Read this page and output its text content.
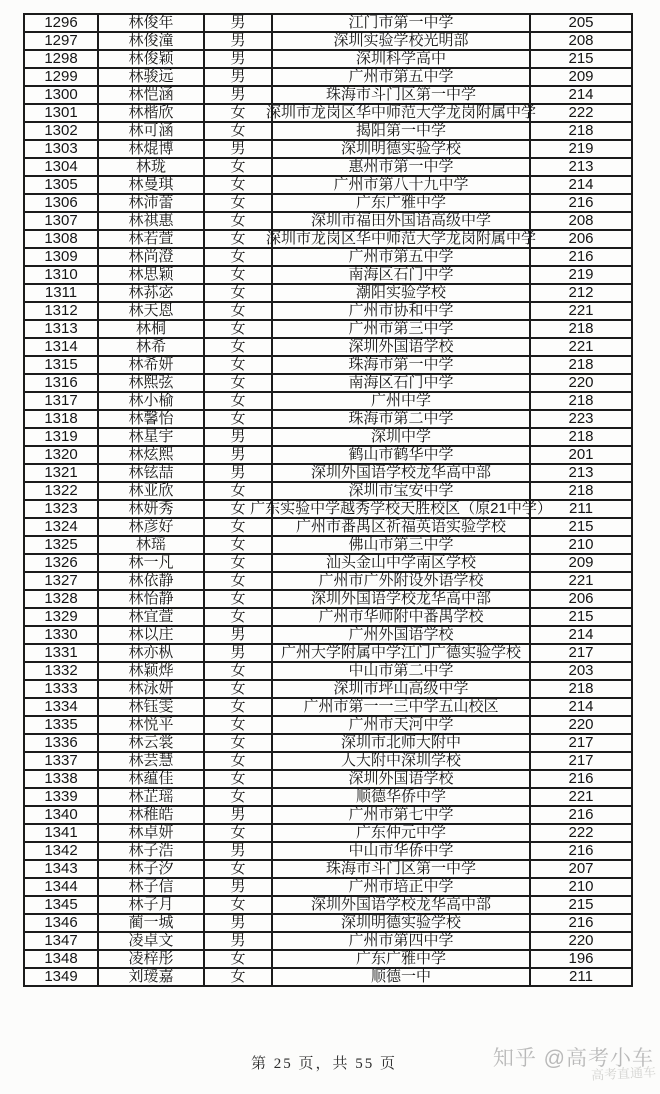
1296	林俊年	男	江门市第一中学	205
1297	林俊潼	男	深圳实验学校光明部	208
1298	林俊颖	男	深圳科学高中	215
1299	林骏远	男	广州市第五中学	209
1300	林恺涵	男	珠海市斗门区第一中学	214
1301	林楷欣	女	深圳市龙岗区华中师范大学龙岗附属中学	222
1302	林可涵	女	揭阳第一中学	218
1303	林焜博	男	深圳明德实验学校	219
1304	林珑	女	惠州市第一中学	213
1305	林曼琪	女	广州市第八十九中学	214
1306	林沛蕾	女	广东广雅中学	216
1307	林祺惠	女	深圳市福田外国语高级中学	208
1308	林若萱	女	深圳市龙岗区华中师范大学龙岗附属中学	206
1309	林尚澄	女	广州市第五中学	216
1310	林思颖	女	南海区石门中学	219
1311	林荪宓	女	潮阳实验学校	212
1312	林天恩	女	广州市协和中学	221
1313	林桐	女	广州市第三中学	218
1314	林希	女	深圳外国语学校	221
1315	林希妍	女	珠海市第一中学	218
1316	林熙弦	女	南海区石门中学	220
1317	林小榆	女	广州中学	218
1318	林馨怡	女	珠海市第二中学	223
1319	林星宇	男	深圳中学	218
1320	林炫熙	男	鹤山市鹤华中学	201
1321	林铉喆	男	深圳外国语学校龙华高中部	213
1322	林亚欣	女	深圳市宝安中学	218
1323	林妍秀	女	广东实验中学越秀学校天胜校区（原21中学）	211
1324	林彦好	女	广州市番禺区祈福英语实验学校	215
1325	林瑶	女	佛山市第三中学	210
1326	林一凡	女	汕头金山中学南区学校	209
1327	林依静	女	广州市广外附设外语学校	221
1328	林怡静	女	深圳外国语学校龙华高中部	206
1329	林宜萱	女	广州市华师附中番禺学校	215
1330	林以庄	男	广州外国语学校	214
1331	林亦枞	男	广州大学附属中学江门广德实验学校	217
1332	林颖烨	女	中山市第二中学	203
1333	林泳妍	女	深圳市坪山高级中学	218
1334	林钰雯	女	广州市第一一三中学五山校区	214
1335	林悦平	女	广州市天河中学	220
1336	林云裳	女	深圳市北师大附中	217
1337	林芸慧	女	人大附中深圳学校	217
1338	林蕴佳	女	深圳外国语学校	216
1339	林芷瑶	女	顺德华侨中学	221
1340	林稚皓	男	广州市第七中学	216
1341	林卓妍	女	广东仲元中学	222
1342	林子浩	男	中山市华侨中学	216
1343	林子汐	女	珠海市斗门区第一中学	207
1344	林子信	男	广州市培正中学	210
1345	林子月	女	深圳外国语学校龙华高中部	215
1346	蔺一城	男	深圳明德实验学校	216
1347	凌卓文	男	广州市第四中学	220
1348	凌梓彤	女	广东广雅中学	196
1349	刘瑷嘉	女	顺德一中	211
第 25 页，共 55 页	知乎 @高考小车
高考直通车
